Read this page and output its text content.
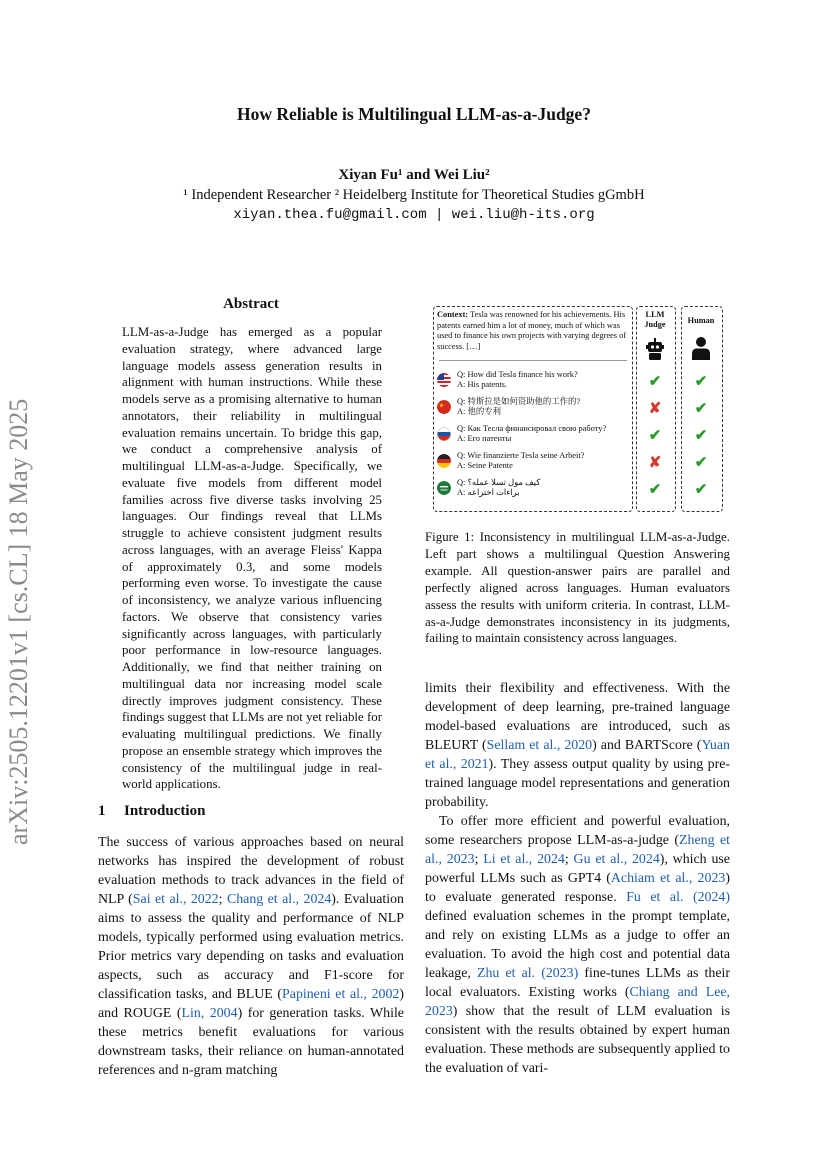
How Reliable is Multilingual LLM-as-a-Judge?
Xiyan Fu¹ and Wei Liu²
¹ Independent Researcher ² Heidelberg Institute for Theoretical Studies gGmbH
xiyan.thea.fu@gmail.com | wei.liu@h-its.org
arXiv:2505.12201v1 [cs.CL] 18 May 2025
Abstract
LLM-as-a-Judge has emerged as a popular evaluation strategy, where advanced large language models assess generation results in alignment with human instructions. While these models serve as a promising alternative to human annotators, their reliability in multilingual evaluation remains uncertain. To bridge this gap, we conduct a comprehensive analysis of multilingual LLM-as-a-Judge. Specifically, we evaluate five models from different model families across five diverse tasks involving 25 languages. Our findings reveal that LLMs struggle to achieve consistent judgment results across languages, with an average Fleiss' Kappa of approximately 0.3, and some models performing even worse. To investigate the cause of inconsistency, we analyze various influencing factors. We observe that consistency varies significantly across languages, with particularly poor performance in low-resource languages. Additionally, we find that neither training on multilingual data nor increasing model scale directly improves judgment consistency. These findings suggest that LLMs are not yet reliable for evaluating multilingual predictions. We finally propose an ensemble strategy which improves the consistency of the multilingual judge in real-world applications.
1 Introduction
The success of various approaches based on neural networks has inspired the development of robust evaluation methods to track advances in the field of NLP (Sai et al., 2022; Chang et al., 2024). Evaluation aims to assess the quality and performance of NLP models, typically performed using evaluation metrics. Prior metrics vary depending on tasks and evaluation aspects, such as accuracy and F1-score for classification tasks, and BLUE (Papineni et al., 2002) and ROUGE (Lin, 2004) for generation tasks. While these metrics benefit evaluations for various downstream tasks, their reliance on human-annotated references and n-gram matching
Context: Tesla was renowned for his achievements. His patents earned him a lot of money, much of which was used to finance his own projects with varying degrees of success. […]
LLM Judge	Human
Q: How did Tesla finance his work?
A: His patents.
Q: 特斯拉是如何资助他的工作的?
A: 他的专利
Q: Как Тесла финансировал свою работу?
A: Его патенты
Q: Wie finanzierte Tesla seine Arbeit?
A: Seine Patente
Q: كيف مول تسلا عمله؟
A: براءات اختراعه
✔
✘
✔
✘
✔
✔
✔
✔
✔
✔
Figure 1: Inconsistency in multilingual LLM-as-a-Judge. Left part shows a multilingual Question Answering example. All question-answer pairs are parallel and perfectly aligned across languages. Human evaluators assess the results with uniform criteria. In contrast, LLM-as-a-Judge demonstrates inconsistency in its judgments, failing to maintain consistency across languages.

limits their flexibility and effectiveness. With the development of deep learning, pre-trained language model-based evaluations are introduced, such as BLEURT (Sellam et al., 2020) and BARTScore (Yuan et al., 2021). They assess output quality by using pre-trained language model representations and generation probability.

To offer more efficient and powerful evaluation, some researchers propose LLM-as-a-judge (Zheng et al., 2023; Li et al., 2024; Gu et al., 2024), which use powerful LLMs such as GPT4 (Achiam et al., 2023) to evaluate generated response. Fu et al. (2024) defined evaluation schemes in the prompt template, and rely on existing LLMs as a judge to offer an evaluation. To avoid the high cost and potential data leakage, Zhu et al. (2023) fine-tunes LLMs as their local evaluators. Existing works (Chiang and Lee, 2023) show that the result of LLM evaluation is consistent with the results obtained by expert human evaluation. These methods are subsequently applied to the evaluation of vari-
